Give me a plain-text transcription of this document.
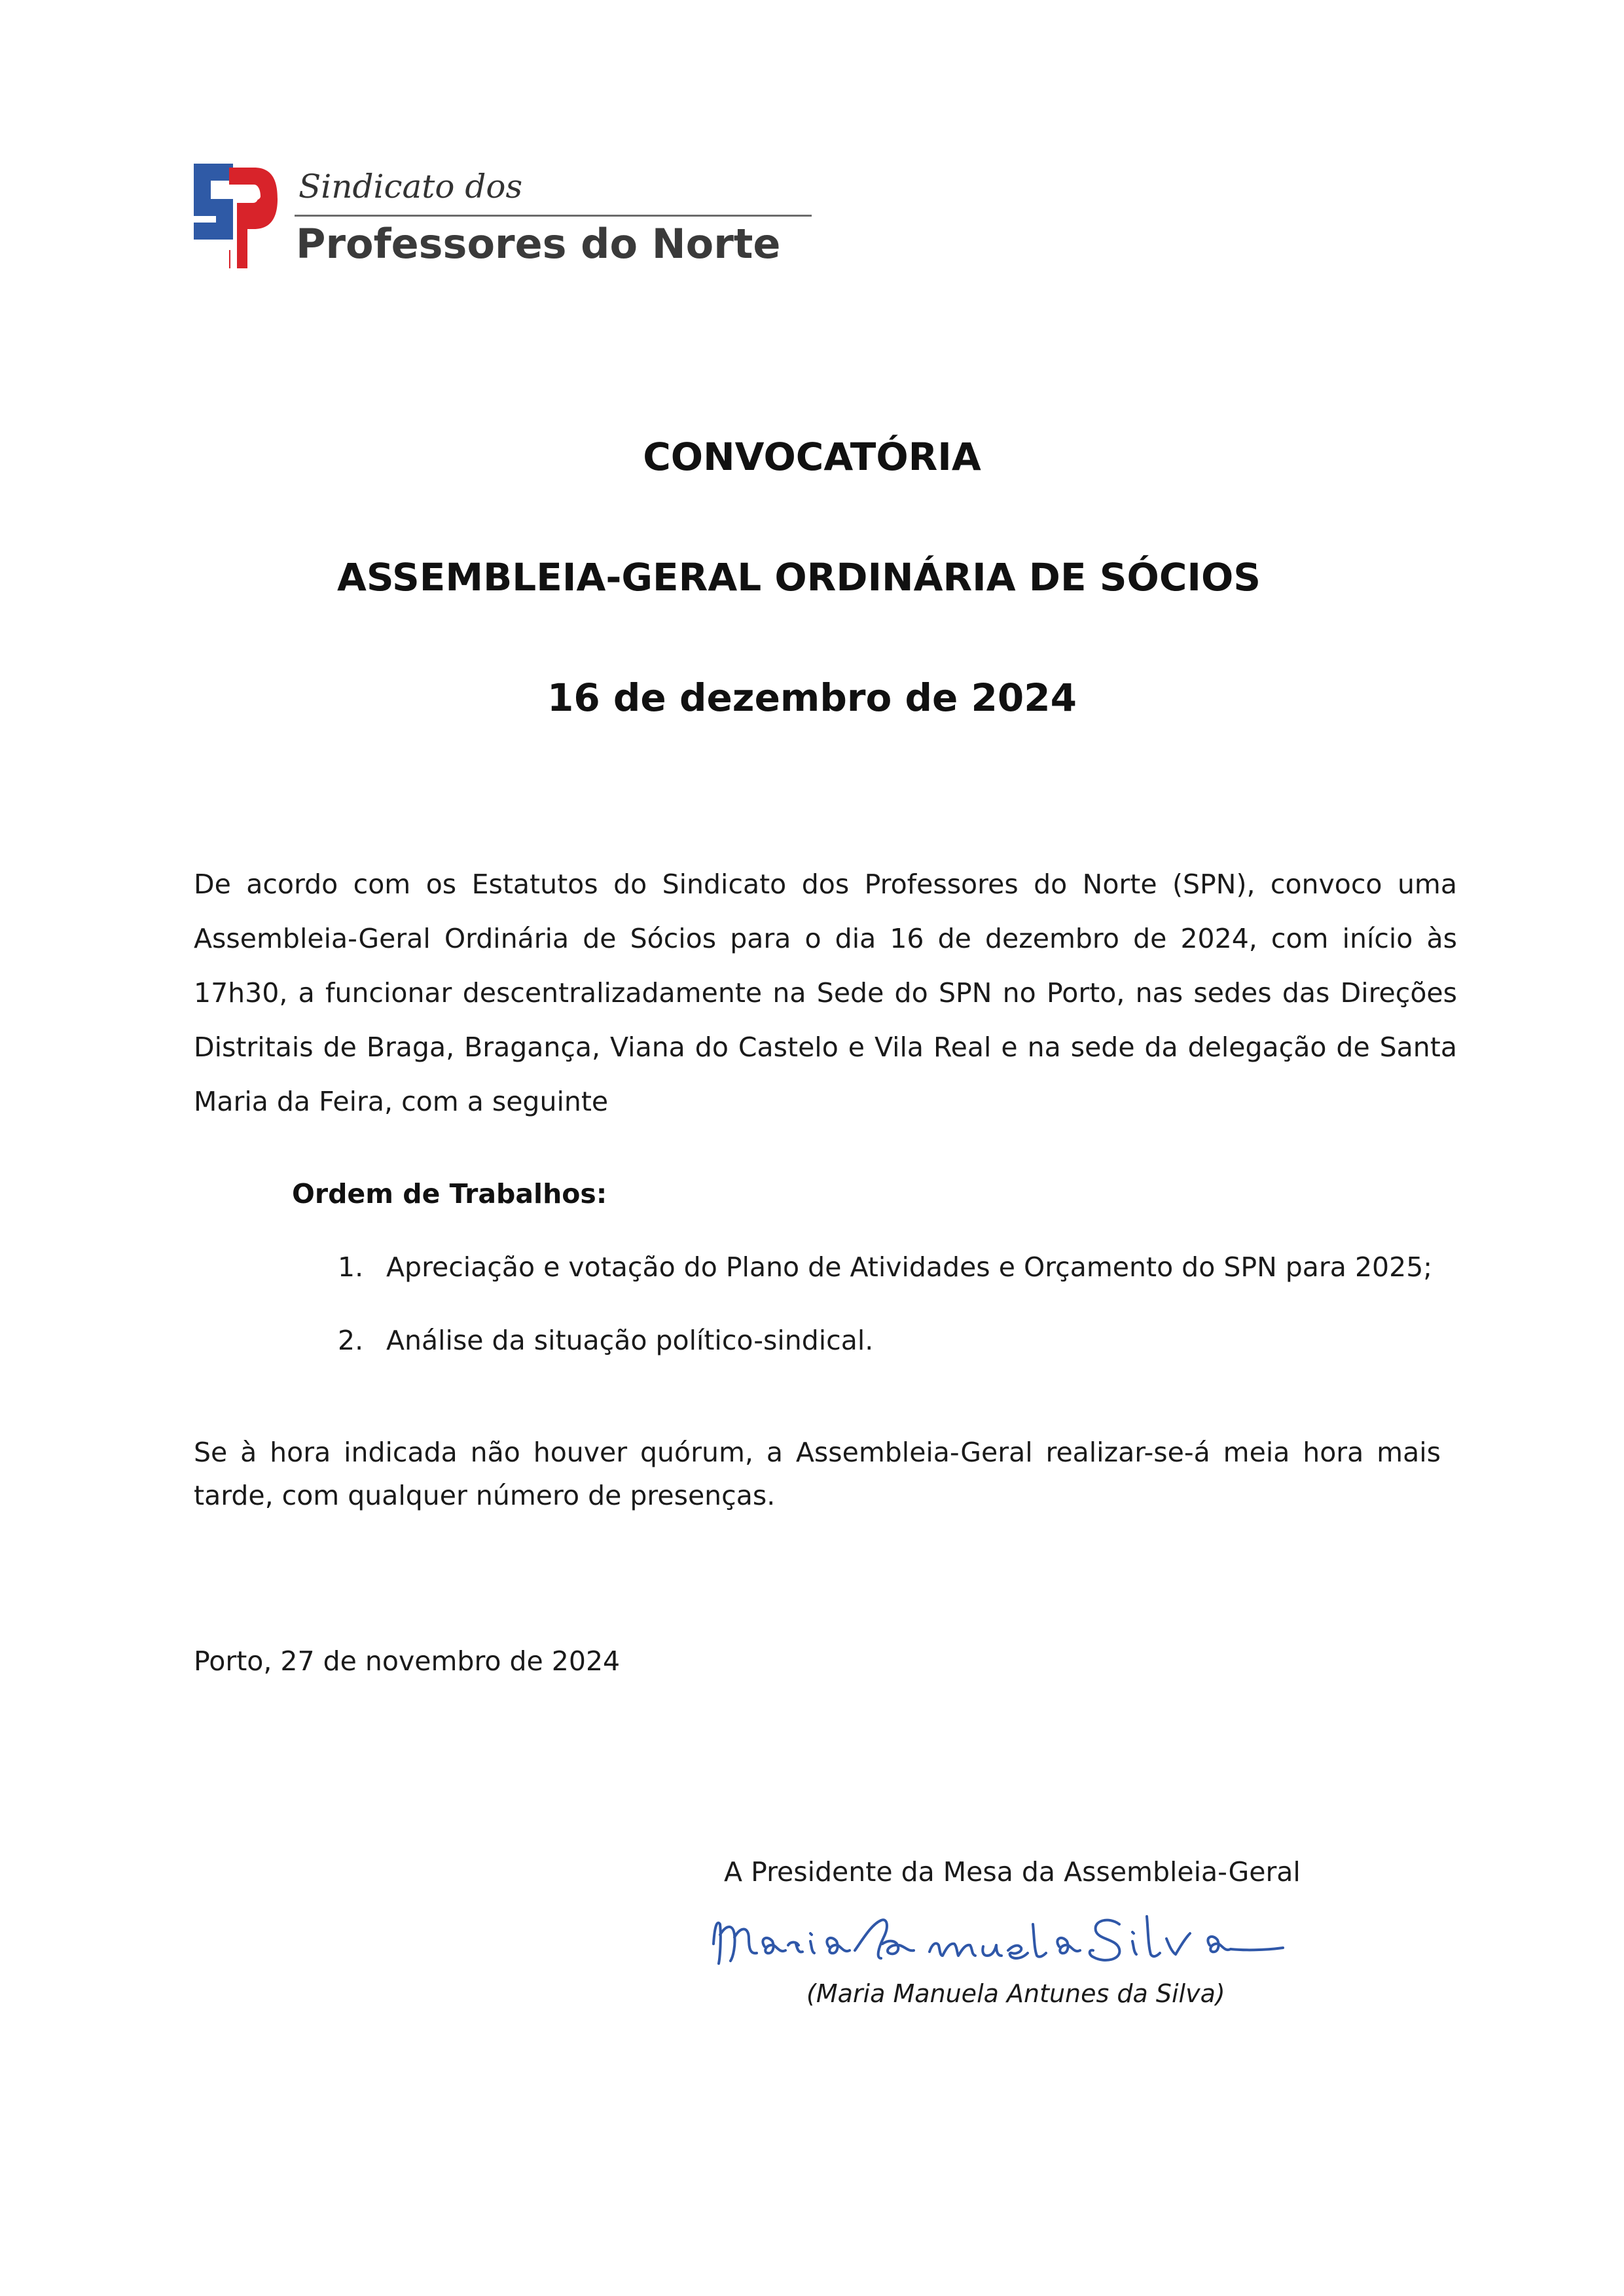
Sindicato dos
Professores do Norte
CONVOCATÓRIA
ASSEMBLEIA-GERAL ORDINÁRIA DE SÓCIOS
16 de dezembro de 2024
De acordo com os Estatutos do Sindicato dos Professores do Norte (SPN), convoco uma Assembleia-Geral Ordinária de Sócios para o dia 16 de dezembro de 2024, com início às 17h30, a funcionar descentralizadamente na Sede do SPN no Porto, nas sedes das Direções Distritais de Braga, Bragança, Viana do Castelo e Vila Real e na sede da delegação de Santa Maria da Feira, com a seguinte
Ordem de Trabalhos:
1. Apreciação e votação do Plano de Atividades e Orçamento do SPN para 2025;
2. Análise da situação político-sindical.
Se à hora indicada não houver quórum, a Assembleia-Geral realizar-se-á meia hora mais tarde, com qualquer número de presenças.
Porto, 27 de novembro de 2024
A Presidente da Mesa da Assembleia-Geral
(Maria Manuela Antunes da Silva)
